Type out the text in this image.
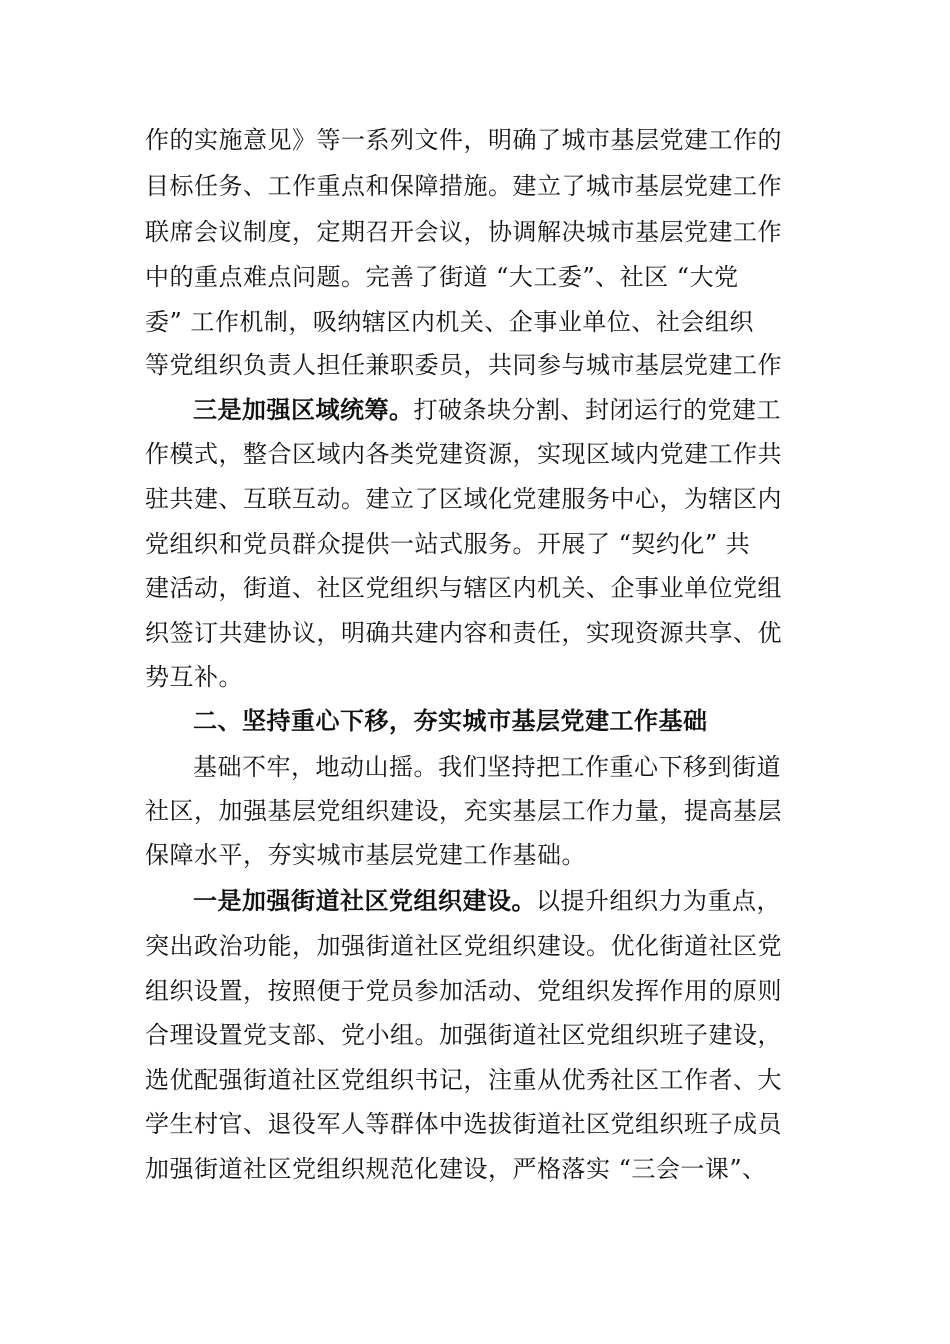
作的实施意见》等一系列文件，明确了城市基层党建工作的
目标任务、工作重点和保障措施。建立了城市基层党建工作
联席会议制度，定期召开会议，协调解决城市基层党建工作
中的重点难点问题。完善了街道 “大工委”、社区 “大党
委” 工作机制，吸纳辖区内机关、企事业单位、社会组织
等党组织负责人担任兼职委员，共同参与城市基层党建工作
三是加强区域统筹。打破条块分割、封闭运行的党建工
作模式，整合区域内各类党建资源，实现区域内党建工作共
驻共建、互联互动。建立了区域化党建服务中心，为辖区内
党组织和党员群众提供一站式服务。开展了 “契约化” 共
建活动，街道、社区党组织与辖区内机关、企事业单位党组
织签订共建协议，明确共建内容和责任，实现资源共享、优
势互补。
二、坚持重心下移，夯实城市基层党建工作基础
基础不牢，地动山摇。我们坚持把工作重心下移到街道
社区，加强基层党组织建设，充实基层工作力量，提高基层
保障水平，夯实城市基层党建工作基础。
一是加强街道社区党组织建设。以提升组织力为重点，
突出政治功能，加强街道社区党组织建设。优化街道社区党
组织设置，按照便于党员参加活动、党组织发挥作用的原则
合理设置党支部、党小组。加强街道社区党组织班子建设，
选优配强街道社区党组织书记，注重从优秀社区工作者、大
学生村官、退役军人等群体中选拔街道社区党组织班子成员
加强街道社区党组织规范化建设，严格落实 “三会一课”、
